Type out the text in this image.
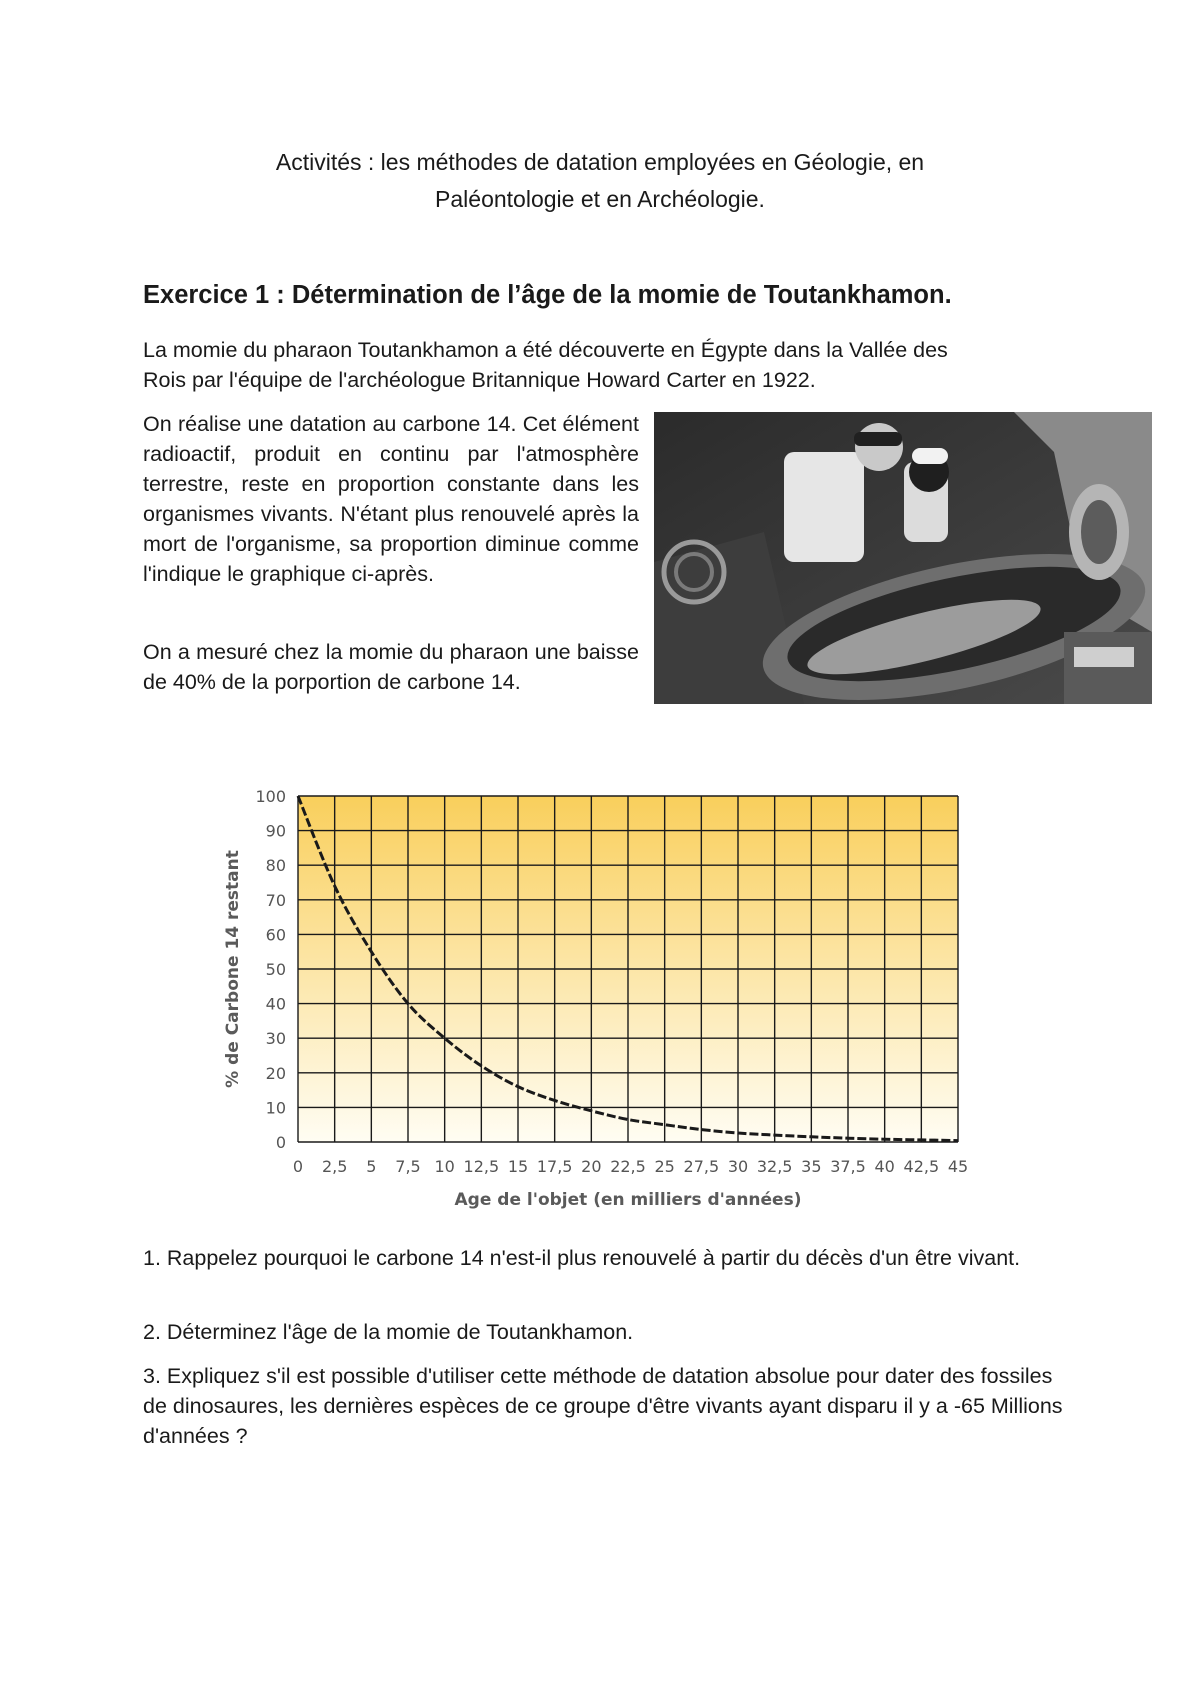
Activités : les méthodes de datation employées en Géologie, en
Paléontologie et en Archéologie.
Exercice 1 : Détermination de l’âge de la momie de Toutankhamon.
La momie du pharaon Toutankhamon a été découverte en Égypte dans la Vallée des
Rois par l'équipe de l'archéologue Britannique Howard Carter en 1922.
On réalise une datation au carbone 14. Cet élément radioactif, produit en continu par l'atmosphère terrestre, reste en proportion constante dans les organismes vivants. N'étant plus renouvelé après la mort de l'organisme, sa proportion diminue comme l'indique le graphique ci-après.
On a mesuré chez la momie du pharaon une baisse de 40% de la porportion de carbone 14.
0
10
20
30
40
50
60
70
80
90
100
0 2,5 5 7,5 10 12,5 15 17,5 20 22,5 25 27,5 30 32,5 35 37,5 40 42,5 45
Age de l'objet (en milliers d'années)
% de Carbone 14 restant
1. Rappelez pourquoi le carbone 14 n'est-il plus renouvelé à partir du décès d'un être vivant.
2. Déterminez l'âge de la momie de Toutankhamon.
3. Expliquez s'il est possible d'utiliser cette méthode de datation absolue pour dater des fossiles de dinosaures, les dernières espèces de ce groupe d'être vivants ayant disparu il y a -65 Millions d'années ?
